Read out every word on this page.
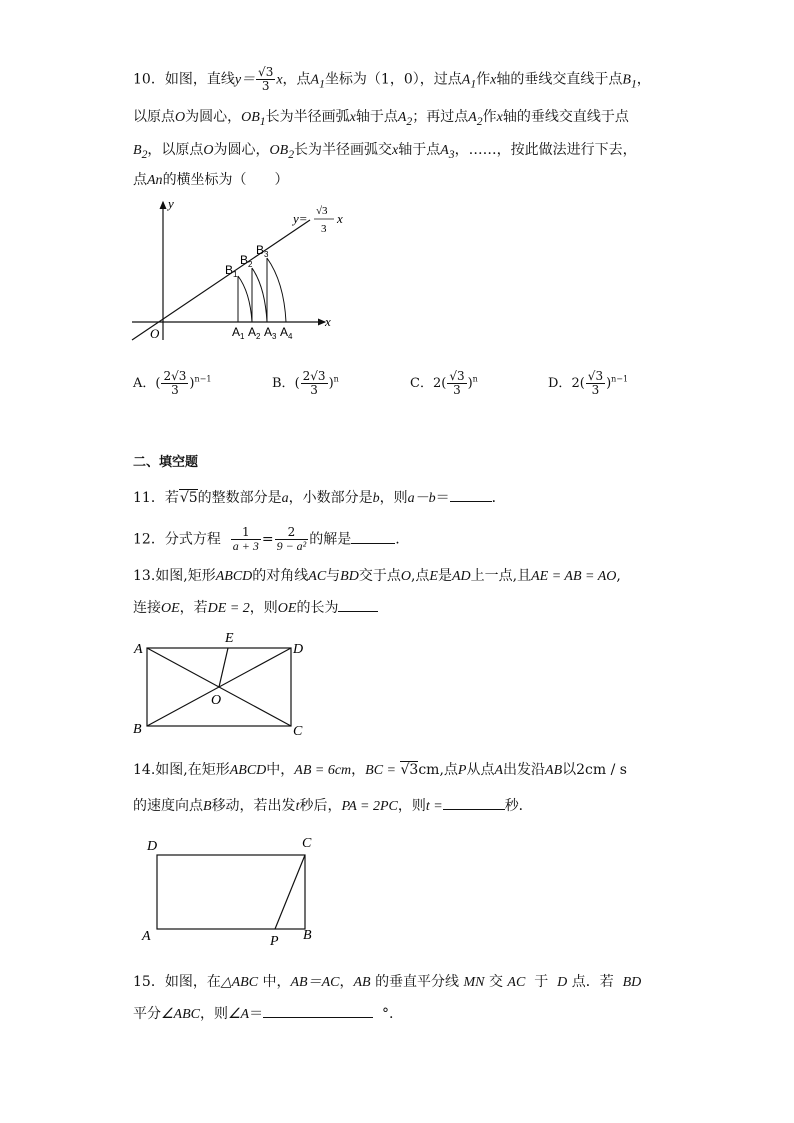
10．如图，直线$y= \frac{√3}{3}$ x，点$A_1$坐标为（1，0），过点$A_1$作x轴的垂线交直线于点$B_1$，
以原点O为圆心，$OB_1$长为半径画弧x轴于点$A_2$；再过点$A_2$作x轴的垂线交直线于点
$B_2$，以原点O为圆心，$OB_2$长为半径画弧交x轴于点$A_3$，……，按此做法进行下去，
点An的横坐标为（　　）
y
x
O
$B_1$
$B_2$
$B_3$
$A_1$ $A_2$ $A_3$ $A_4$
y= √3
3
x
A．( $\frac{2√3}{3} )^{n-1}$	B．( $\frac{2√3}{3} )^n$	C．$2( \frac{√3}{3} )^n$	D．$2( \frac{√3}{3} )^{n-1}$
二、填空题
11．若√5的整数部分是a，小数部分是b，则a－b＝	．
12．分式方程 $\frac{1}{a + 3} = \frac{2}{\text{9 − a²}}$ 的解是	.
13.如图,矩形ABCD的对角线AC与BD交于点O,点E是AD上一点,且AE = AB = AO,
连接OE，若DE = 2，则OE的长为
A	D
B	C
E
O
14.如图,在矩形ABCD中，AB = 6cm，BC = √3cm,点P从点A出发沿AB以2cm / s
的速度向点B移动，若出发t秒后，PA = 2PC，则t =	秒．
D	C
A	B
P
15．如图，在△ABC 中，AB＝AC，AB 的垂直平分线 MN 交 AC 于 D 点．若 BD
平分∠ABC，则∠A＝	°.
